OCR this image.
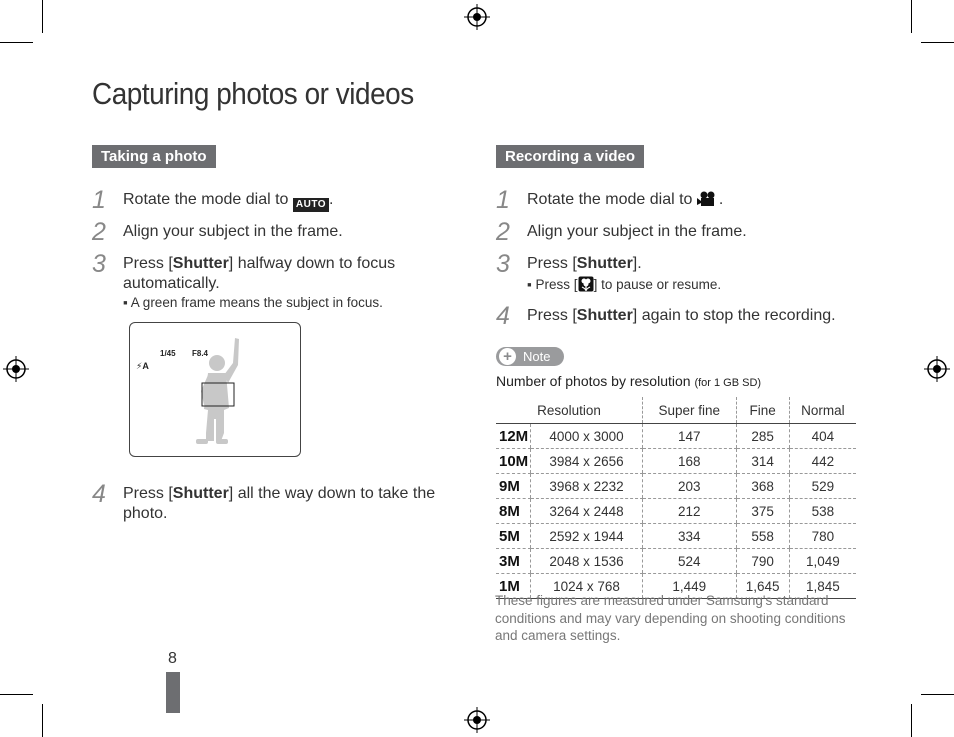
Capturing photos or videos
Taking a photo
1 Rotate the mode dial to AUTO .
2 Align your subject in the frame.
3 Press [Shutter] halfway down to focus automatically.
▪ A green frame means the subject in focus.
1/45 F8.4
⚡A
4 Press [Shutter] all the way down to take the photo.
8
Recording a video
1 Rotate the mode dial to .
2 Align your subject in the frame.
3 Press [Shutter].
▪ Press [ ] to pause or resume.
4 Press [Shutter] again to stop the recording.
+ Note
Number of photos by resolution (for 1 GB SD)
Resolution		Super fine	Fine	Normal
12M	4000 x 3000	147	285	404
10M	3984 x 2656	168	314	442
9M	3968 x 2232	203	368	529
8M	3264 x 2448	212	375	538
5M	2592 x 1944	334	558	780
3M	2048 x 1536	524	790	1,049
1M	1024 x 768	1,449	1,645	1,845
These figures are measured under Samsung's standard conditions and may vary depending on shooting conditions and camera settings.
